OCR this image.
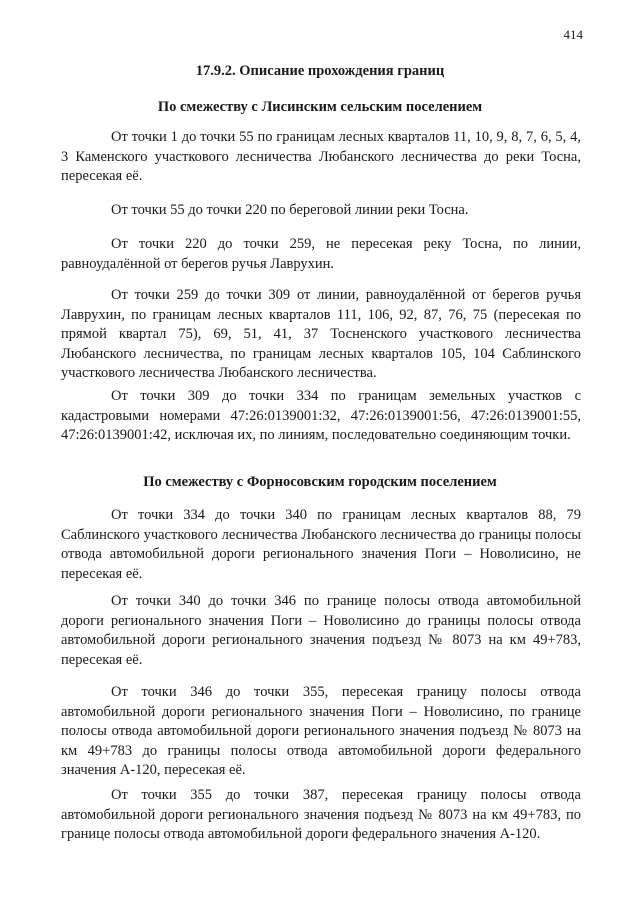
414
17.9.2. Описание прохождения границ
По смежеству с Лисинским сельским поселением
От точки 1 до точки 55 по границам лесных кварталов 11, 10, 9, 8, 7, 6, 5, 4, 3 Каменского участкового лесничества Любанского лесничества до реки Тосна, пересекая её.
От точки 55 до точки 220 по береговой линии реки Тосна.
От точки 220 до точки 259, не пересекая реку Тосна, по линии, равноудалённой от берегов ручья Лаврухин.
От точки 259 до точки 309 от линии, равноудалённой от берегов ручья Лаврухин, по границам лесных кварталов 111, 106, 92, 87, 76, 75 (пересекая по прямой квартал 75), 69, 51, 41, 37 Тосненского участкового лесничества Любанского лесничества, по границам лесных кварталов 105, 104 Саблинского участкового лесничества Любанского лесничества.
От точки 309 до точки 334 по границам земельных участков с кадастровыми номерами 47:26:0139001:32, 47:26:0139001:56, 47:26:0139001:55, 47:26:0139001:42, исключая их, по линиям, последовательно соединяющим точки.
По смежеству с Форносовским городским поселением
От точки 334 до точки 340 по границам лесных кварталов 88, 79 Саблинского участкового лесничества Любанского лесничества до границы полосы отвода автомобильной дороги регионального значения Поги – Новолисино, не пересекая её.
От точки 340 до точки 346 по границе полосы отвода автомобильной дороги регионального значения Поги – Новолисино до границы полосы отвода автомобильной дороги регионального значения подъезд № 8073 на км 49+783, пересекая её.
От точки 346 до точки 355, пересекая границу полосы отвода автомобильной дороги регионального значения Поги – Новолисино, по границе полосы отвода автомобильной дороги регионального значения подъезд № 8073 на км 49+783 до границы полосы отвода автомобильной дороги федерального значения А-120, пересекая её.
От точки 355 до точки 387, пересекая границу полосы отвода автомобильной дороги регионального значения подъезд № 8073 на км 49+783, по границе полосы отвода автомобильной дороги федерального значения А-120.
